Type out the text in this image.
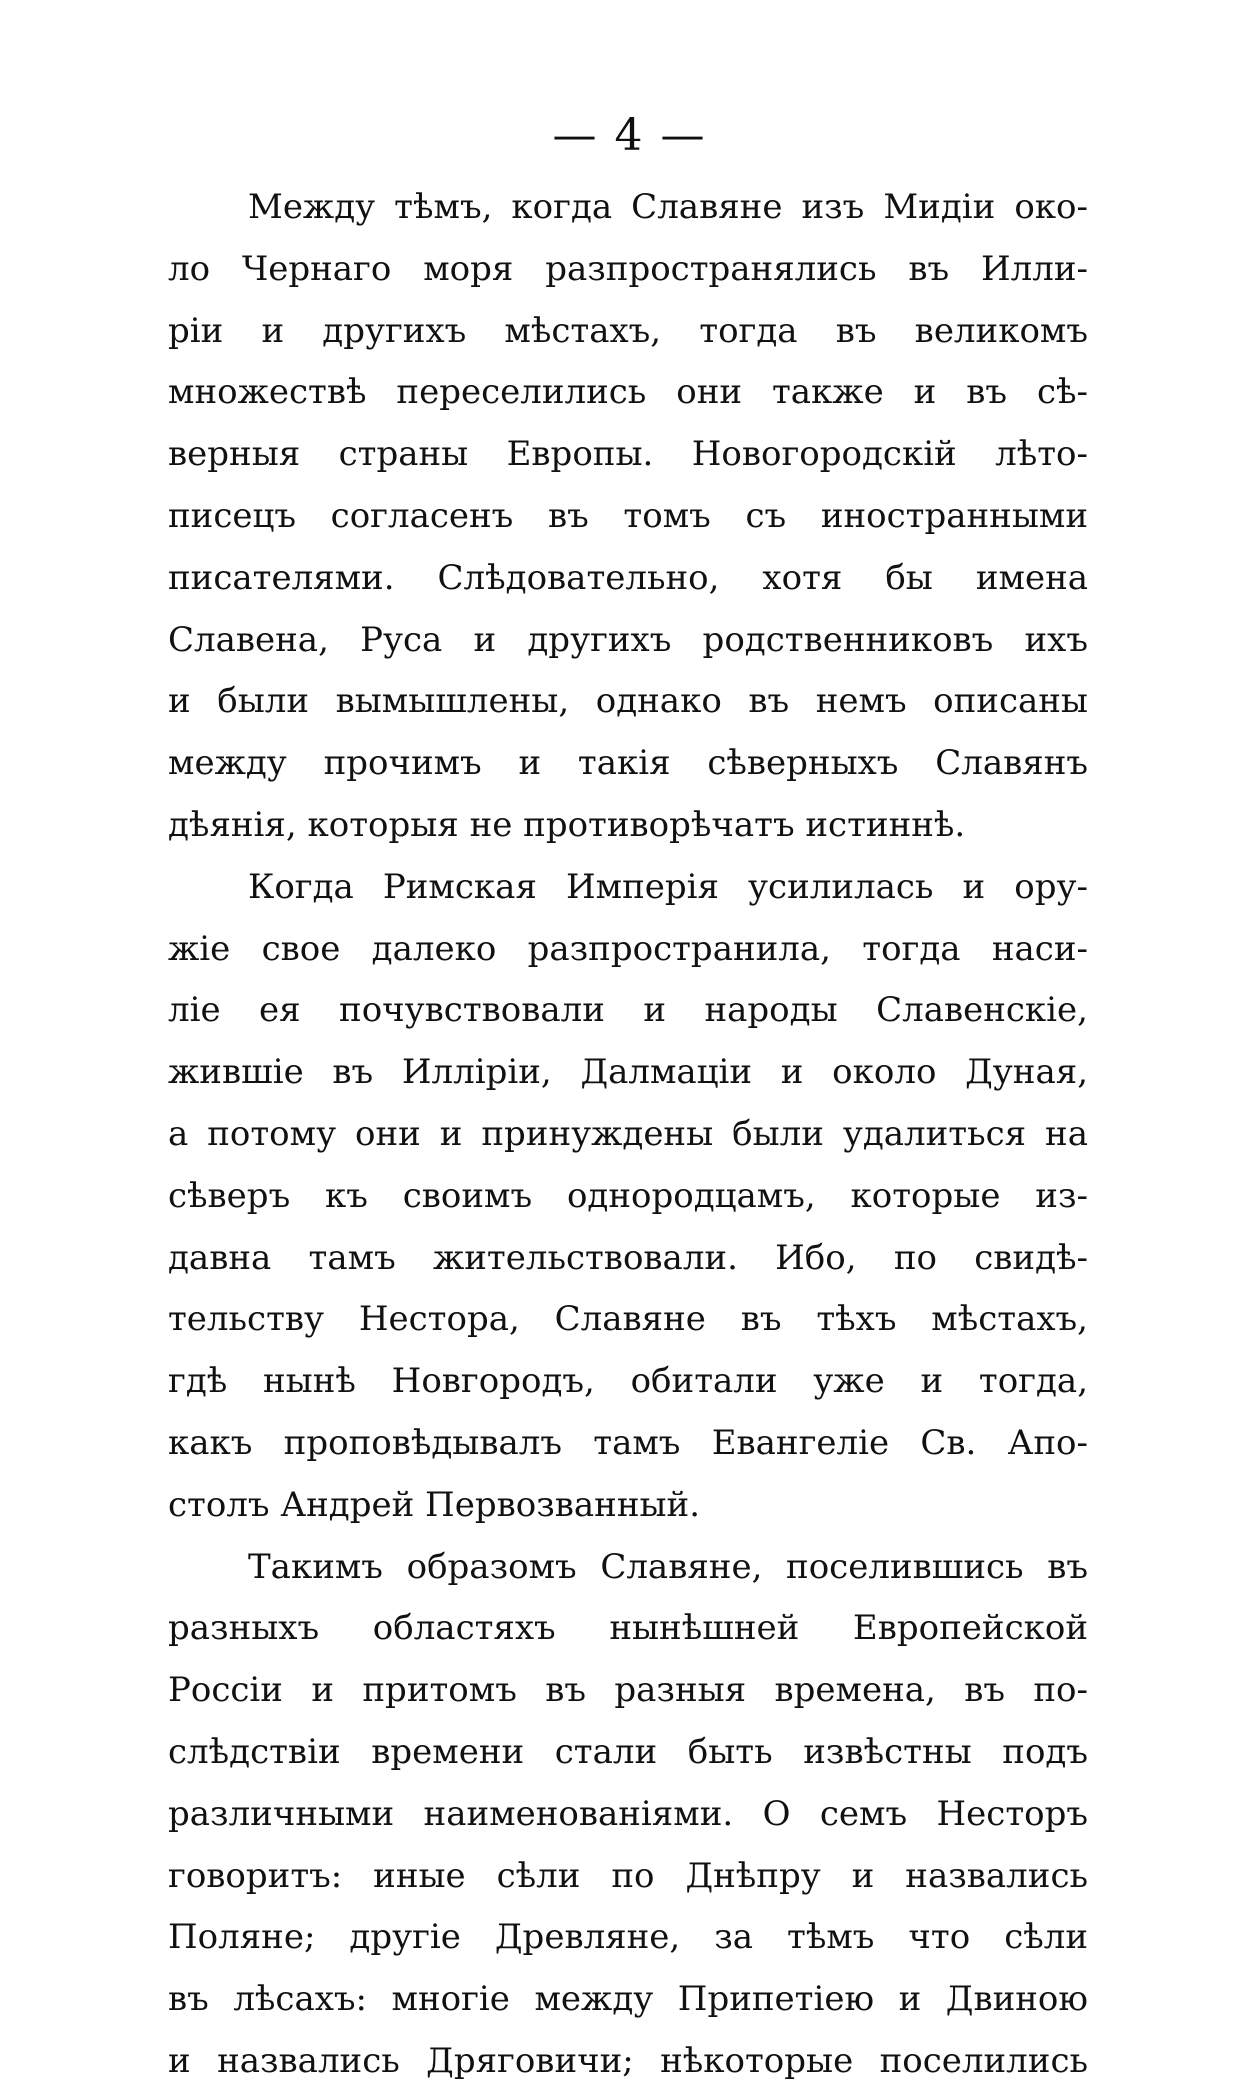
— 4 —
Между тѣмъ, когда Славяне изъ Мидіи око-
ло Чернаго моря разпространялись въ Илли-
ріи и другихъ мѣстахъ, тогда въ великомъ
множествѣ переселились они также и въ сѣ-
верныя страны Европы. Новогородскій лѣто-
писецъ согласенъ въ томъ съ иностранными
писателями. Слѣдовательно, хотя бы имена
Славена, Руса и другихъ родственниковъ ихъ
и были вымышлены, однако въ немъ описаны
между прочимъ и такія сѣверныхъ Славянъ
дѣянія, которыя не противорѣчатъ истиннѣ.
Когда Римская Имперія усилилась и ору-
жіе свое далеко разпространила, тогда наси-
ліе ея почувствовали и народы Славенскіе,
жившіе въ Илліріи, Далмаціи и около Дуная,
а потому они и принуждены были удалиться на
сѣверъ къ своимъ однородцамъ, которые из-
давна тамъ жительствовали. Ибо, по свидѣ-
тельству Нестора, Славяне въ тѣхъ мѣстахъ,
гдѣ нынѣ Новгородъ, обитали уже и тогда,
какъ проповѣдывалъ тамъ Евангеліе Св. Апо-
столъ Андрей Первозванный.
Такимъ образомъ Славяне, поселившись въ
разныхъ областяхъ нынѣшней Европейской
Россіи и притомъ въ разныя времена, въ по-
слѣдствіи времени стали быть извѣстны подъ
различными наименованіями. О семъ Несторъ
говоритъ: иные сѣли по Днѣпру и назвались
Поляне; другіе Древляне, за тѣмъ что сѣли
въ лѣсахъ: многіе между Припетіею и Двиною
и назвались Дряговичи; нѣкоторые поселились
